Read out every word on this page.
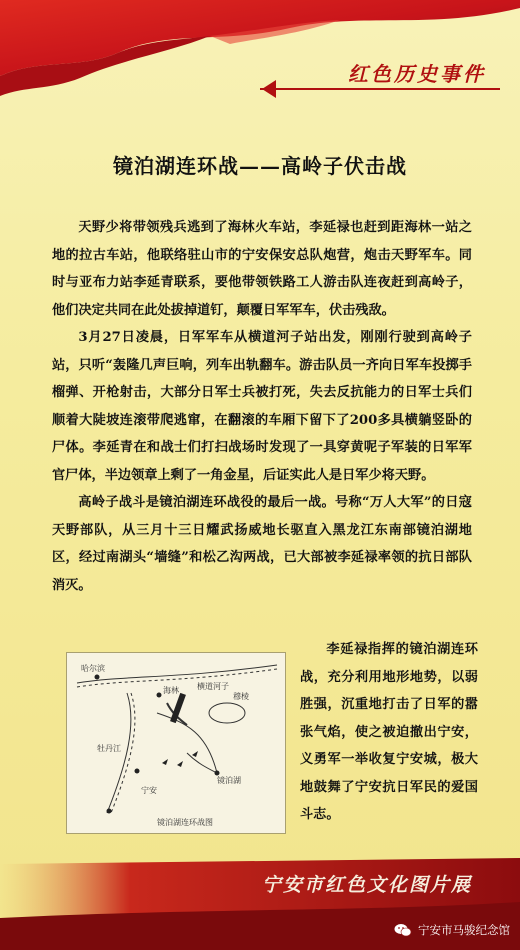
红色历史事件
镜泊湖连环战——高岭子伏击战

天野少将带领残兵逃到了海林火车站，李延禄也赶到距海林一站之地的拉古车站，他联络驻山市的宁安保安总队炮营，炮击天野军车。同时与亚布力站李延青联系，要他带领铁路工人游击队连夜赶到高岭子，他们决定共同在此处拔掉道钉，颠覆日军军车，伏击残敌。

3月27日凌晨，日军军车从横道河子站出发，刚刚行驶到高岭子站，只听“轰隆几声巨响，列车出轨翻车。游击队员一齐向日军车投掷手榴弹、开枪射击，大部分日军士兵被打死，失去反抗能力的日军士兵们顺着大陡坡连滚带爬逃窜，在翻滚的车厢下留下了200多具横躺竖卧的尸体。李延青在和战士们打扫战场时发现了一具穿黄呢子军装的日军军官尸体，半边领章上剩了一角金星，后证实此人是日军少将天野。

高岭子战斗是镜泊湖连环战役的最后一战。号称“万人大军”的日寇天野部队，从三月十三日耀武扬威地长驱直入黑龙江东南部镜泊湖地区，经过南湖头“墙缝”和松乙沟两战，已大部被李延禄率领的抗日部队消灭。

哈尔滨
海林
牡丹江
镜泊湖
宁安
横道河子
穆棱
镜泊湖连环战图
李延禄指挥的镜泊湖连环战，充分利用地形地势，以弱胜强，沉重地打击了日军的嚣张气焰，使之被迫撤出宁安，义勇军一举收复宁安城，极大地鼓舞了宁安抗日军民的爱国斗志。
宁安市红色文化图片展
宁安市马骏纪念馆
